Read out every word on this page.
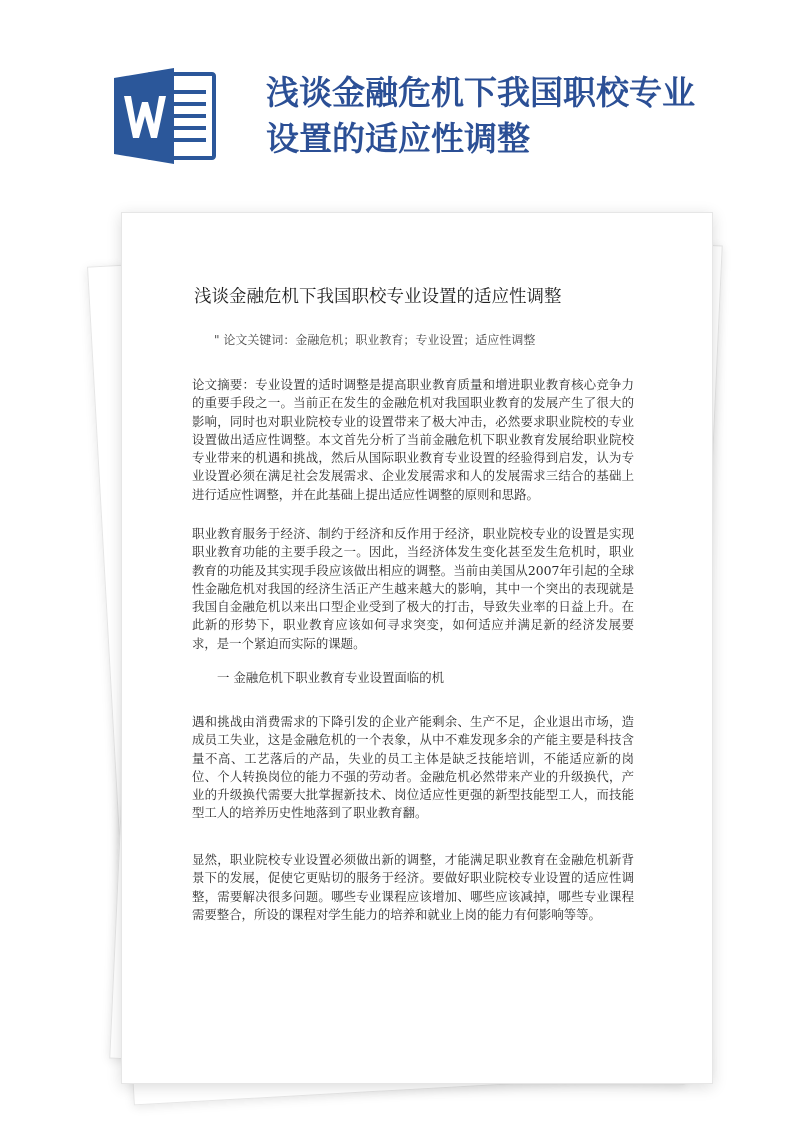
浅谈金融危机下我国职校专业设置的适应性调整
浅谈金融危机下我国职校专业设置的适应性调整
" 论文关键词：金融危机；职业教育；专业设置；适应性调整

论文摘要：专业设置的适时调整是提高职业教育质量和增进职业教育核心竞争力的重要手段之一。当前正在发生的金融危机对我国职业教育的发展产生了很大的影响，同时也对职业院校专业的设置带来了极大冲击，必然要求职业院校的专业设置做出适应性调整。本文首先分析了当前金融危机下职业教育发展给职业院校专业带来的机遇和挑战，然后从国际职业教育专业设置的经验得到启发，认为专业设置必须在满足社会发展需求、企业发展需求和人的发展需求三结合的基础上进行适应性调整，并在此基础上提出适应性调整的原则和思路。

职业教育服务于经济、制约于经济和反作用于经济，职业院校专业的设置是实现职业教育功能的主要手段之一。因此，当经济体发生变化甚至发生危机时，职业教育的功能及其实现手段应该做出相应的调整。当前由美国从2007年引起的全球性金融危机对我国的经济生活正产生越来越大的影响，其中一个突出的表现就是我国自金融危机以来出口型企业受到了极大的打击，导致失业率的日益上升。在此新的形势下，职业教育应该如何寻求突变，如何适应并满足新的经济发展要求，是一个紧迫而实际的课题。

一 金融危机下职业教育专业设置面临的机

遇和挑战由消费需求的下降引发的企业产能剩余、生产不足，企业退出市场，造成员工失业，这是金融危机的一个表象，从中不难发现多余的产能主要是科技含量不高、工艺落后的产品，失业的员工主体是缺乏技能培训，不能适应新的岗位、个人转换岗位的能力不强的劳动者。金融危机必然带来产业的升级换代，产业的升级换代需要大批掌握新技术、岗位适应性更强的新型技能型工人，而技能型工人的培养历史性地落到了职业教育翻。

显然，职业院校专业设置必须做出新的调整，才能满足职业教育在金融危机新背景下的发展，促使它更贴切的服务于经济。要做好职业院校专业设置的适应性调整，需要解决很多问题。哪些专业课程应该增加、哪些应该减掉，哪些专业课程需要整合，所设的课程对学生能力的培养和就业上岗的能力有何影响等等。
